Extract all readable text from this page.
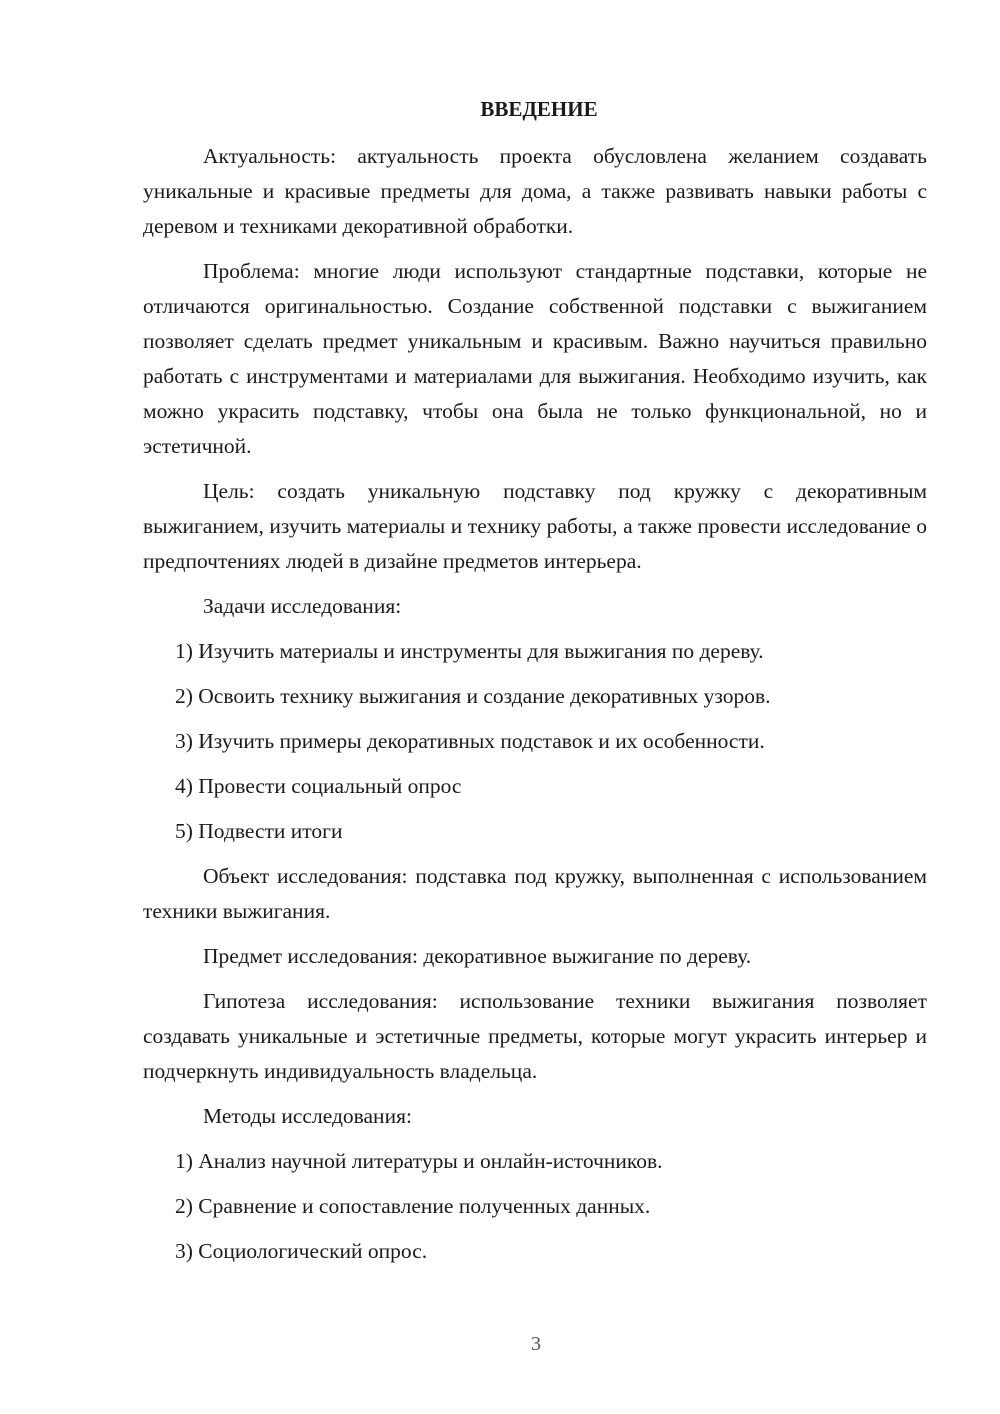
ВВЕДЕНИЕ

Актуальность: актуальность проекта обусловлена желанием создавать уникальные и красивые предметы для дома, а также развивать навыки работы с деревом и техниками декоративной обработки.

Проблема: многие люди используют стандартные подставки, которые не отличаются оригинальностью. Создание собственной подставки с выжиганием позволяет сделать предмет уникальным и красивым. Важно научиться правильно работать с инструментами и материалами для выжигания. Необходимо изучить, как можно украсить подставку, чтобы она была не только функциональной, но и эстетичной.

Цель: создать уникальную подставку под кружку с декоративным выжиганием, изучить материалы и технику работы, а также провести исследование о предпочтениях людей в дизайне предметов интерьера.

Задачи исследования:

1) Изучить материалы и инструменты для выжигания по дереву.

2) Освоить технику выжигания и создание декоративных узоров.

3) Изучить примеры декоративных подставок и их особенности.

4) Провести социальный опрос

5) Подвести итоги

Объект исследования: подставка под кружку, выполненная с использованием техники выжигания.

Предмет исследования: декоративное выжигание по дереву.

Гипотеза исследования: использование техники выжигания позволяет создавать уникальные и эстетичные предметы, которые могут украсить интерьер и подчеркнуть индивидуальность владельца.

Методы исследования:

1) Анализ научной литературы и онлайн-источников.

2) Сравнение и сопоставление полученных данных.

3) Социологический опрос.

3
